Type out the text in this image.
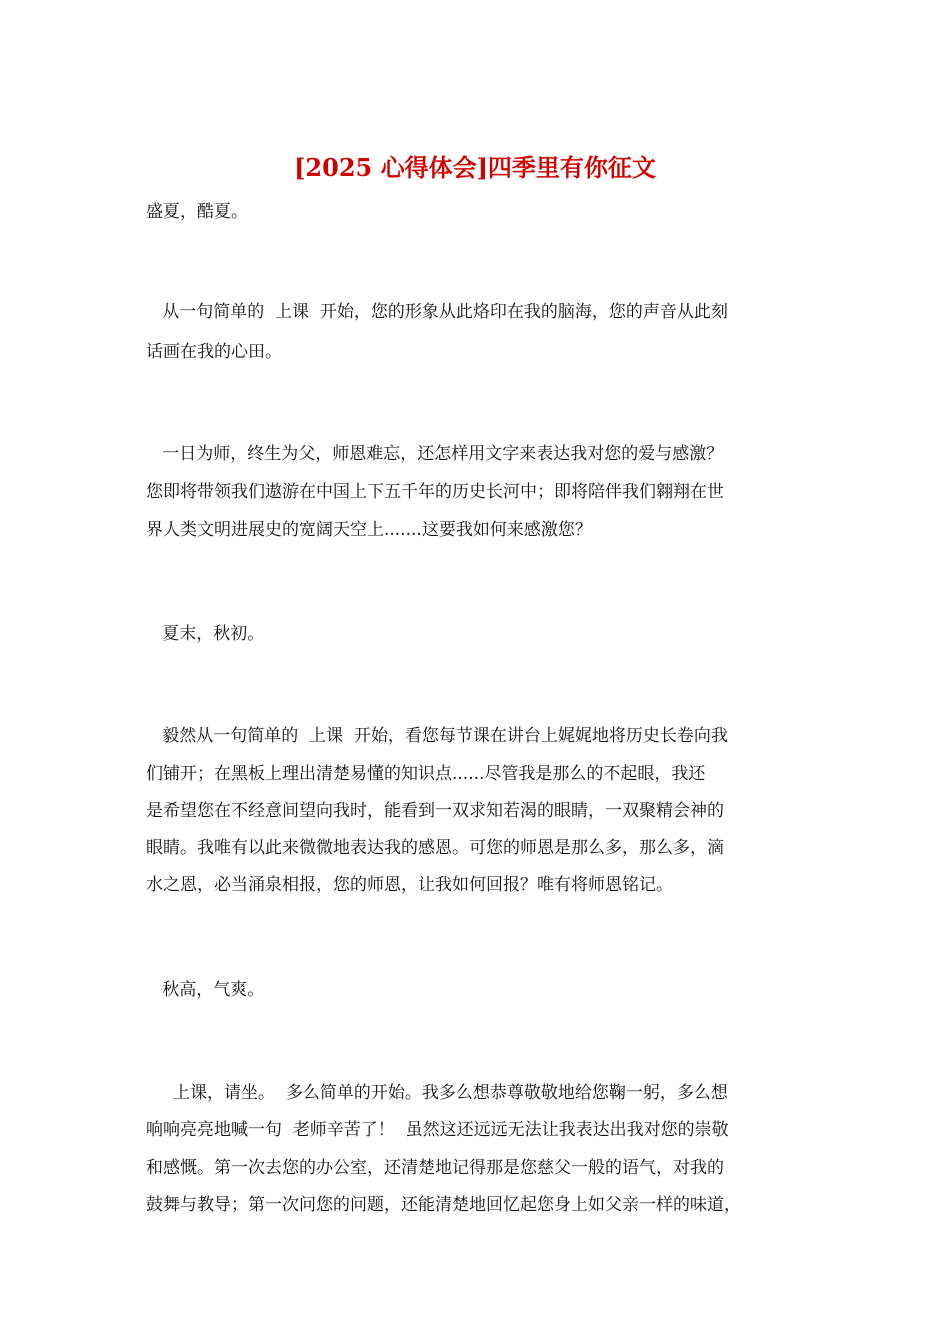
[2025 心得体会]四季里有你征文
盛夏，酷夏。
从一句简单的  上课  开始，您的形象从此烙印在我的脑海，您的声音从此刻
话画在我的心田。
一日为师，终生为父，师恩难忘，还怎样用文字来表达我对您的爱与感激？
您即将带领我们遨游在中国上下五千年的历史长河中；即将陪伴我们翱翔在世
界人类文明进展史的宽阔天空上.......这要我如何来感激您？
夏末，秋初。
毅然从一句简单的  上课  开始，看您每节课在讲台上娓娓地将历史长卷向我
们铺开；在黑板上理出清楚易懂的知识点......尽管我是那么的不起眼，我还
是希望您在不经意间望向我时，能看到一双求知若渴的眼睛，一双聚精会神的
眼睛。我唯有以此来微微地表达我的感恩。可您的师恩是那么多，那么多，滴
水之恩，必当涌泉相报，您的师恩，让我如何回报？唯有将师恩铭记。
秋高，气爽。
上课，请坐。  多么简单的开始。我多么想恭尊敬敬地给您鞠一躬，多么想
响响亮亮地喊一句  老师辛苦了！  虽然这还远远无法让我表达出我对您的崇敬
和感慨。第一次去您的办公室，还清楚地记得那是您慈父一般的语气，对我的
鼓舞与教导；第一次问您的问题，还能清楚地回忆起您身上如父亲一样的味道，
